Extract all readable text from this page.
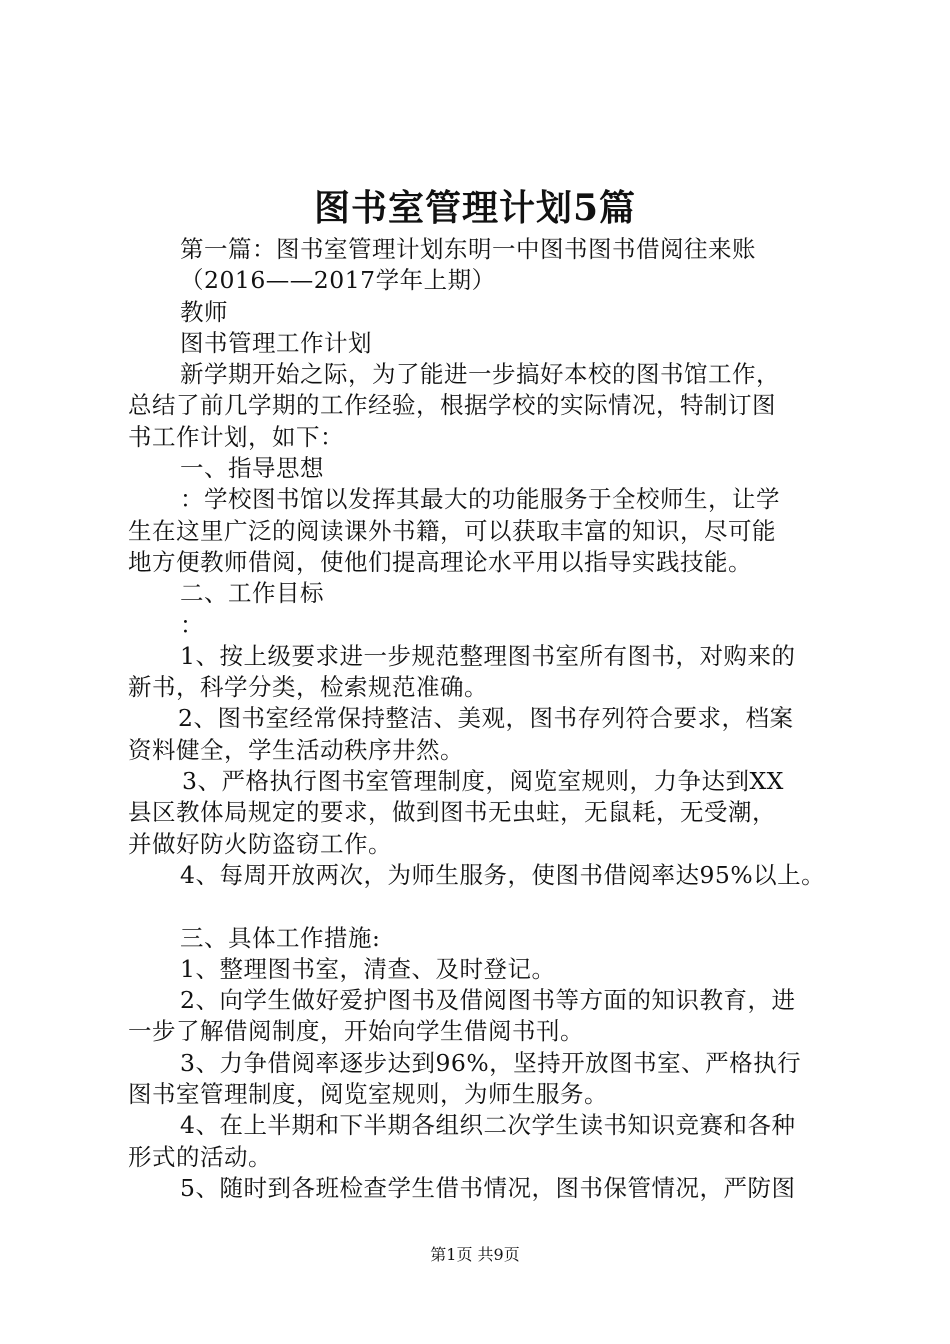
图书室管理计划5篇
第一篇：图书室管理计划东明一中图书图书借阅往来账
（2016——2017学年上期）
教师
图书管理工作计划
新学期开始之际，为了能进一步搞好本校的图书馆工作，
总结了前几学期的工作经验，根据学校的实际情况，特制订图
书工作计划，如下：
一、指导思想
：学校图书馆以发挥其最大的功能服务于全校师生，让学
生在这里广泛的阅读课外书籍，可以获取丰富的知识，尽可能
地方便教师借阅，使他们提高理论水平用以指导实践技能。
二、工作目标
：
1、按上级要求进一步规范整理图书室所有图书，对购来的
新书，科学分类，检索规范准确。
2、图书室经常保持整洁、美观，图书存列符合要求，档案
资料健全，学生活动秩序井然。
3、严格执行图书室管理制度，阅览室规则，力争达到XX
县区教体局规定的要求，做到图书无虫蛀，无鼠耗，无受潮，
并做好防火防盗窃工作。
4、每周开放两次，为师生服务，使图书借阅率达95%以上。
三、具体工作措施:
1、整理图书室，清查、及时登记。
2、向学生做好爱护图书及借阅图书等方面的知识教育，进
一步了解借阅制度，开始向学生借阅书刊。
3、力争借阅率逐步达到96%，坚持开放图书室、严格执行
图书室管理制度，阅览室规则，为师生服务。
4、在上半期和下半期各组织二次学生读书知识竞赛和各种
形式的活动。
5、随时到各班检查学生借书情况，图书保管情况，严防图
第1页 共9页
